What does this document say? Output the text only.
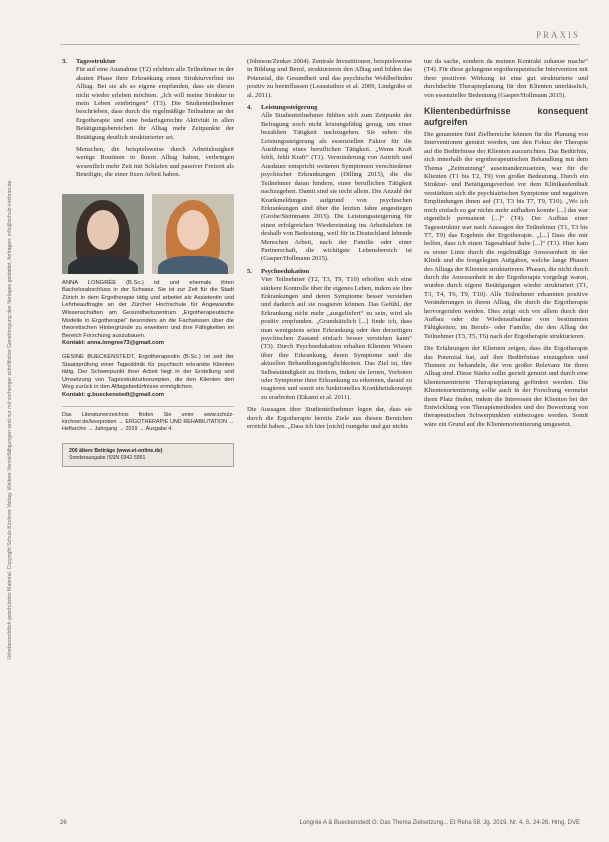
PRAXIS
Urheberrechtlich geschütztes Material. Copyright Schulz-Kirchner Verlag. Weitere Vervielfältigungen sind nur mit vorheriger schriftlicher Genehmigung des Verlages gestattet. Anfragen: info@schulz-kirchner.de
3.	Tagesstruktur

Für auf eine Ausnahme (T2) erlebten alle Teilnehmer in der akuten Phase ihrer Erkrankung einen Strukturverlust im Alltag. Bei sie als so eigene empfanden, dass sie diesen nicht wieder erleben möchten. „Ich will meine Struktur in mein Leben reinbringen“ (T3). Die Studienteilnehmer beschrieben, dass durch die regelmäßige Teilnahme an der Ergotherapie und eine bedarfsgerechte Aktivität in allen Betätigungsbereichen ihr Alltag mehr Zeitpunkte der Betätigung deutlich strukturierter sei.

Menschen, die beispielsweise durch Arbeitslosigkeit wenige Routinen in ihrem Alltag haben, verbringen wesentlich mehr Zeit mit Schlafen und passiver Freizeit als Beteiligte, die einer fixen Arbeit haben.

ANNA LONGRÉE (B.Sc.) ist und ehemals ihren Bachelorabschluss in der Schweiz. Sie ist zur Zeit für die Stadt Zürich in dem Ergotherapie tätig und arbeitet als Assistentin und Lehrbeauftragte an der Zürcher Hochschule für Angewandte Wissenschaften am Gesundheitszentrum „Ergotherapeutische Modelle in Ergotherapie“ besonders an die Fachwissen über die theoretischen Hintergründe zu erweitern und ihre Fähigkeiten im Bereich Forschung auszubauen.
Kontakt: anna.longree73@gmail.com
GESINE BUECKENSTEDT, Ergotherapeutin (B.Sc.) ist seit der Staatsprüfung einer Tagesklinik für psychisch erkrankte Klienten tätig. Der Schwerpunkt ihrer Arbeit liegt in der Erstellung und Umsetzung von Tagesstrukturkonzepten, die den Klienten den Weg zurück in den Alltagsbedürfnisse ermöglichen.
Kontakt: g.bueckenstedt@gmail.com
Das Literaturverzeichnis finden Sie unter www.schulz-kirchner.de/leseproben → ERGOTHERAPIE UND REHABILITATION → Heftarchiv → Jahrgang → 2019 → Ausgabe 4.
200 ältere Beiträge (www.et-online.de)
Sonderausgabe ISSN 0342-5991

(Johnson/Zenker 2004). Zentrale Investitionen, beispielsweise in Bildung und Beruf, strukturieren den Alltag und bilden das Potenzial, die Gesundheit und das psychische Wohlbefinden positiv zu beeinflussen (Leaustathoz et al. 2009, Lindgräbe et al. 2011).

4.	Leistungssteigerung

Alle Studienteilnehmer fühlten sich zum Zeitpunkt der Befragung noch nicht leistungsfähig genug, um einer bezahlten Tätigkeit nachzugehen. Sie sehen die Leistungssteigerung als essenziellen Faktor für die Ausübung eines beruflichen Tätigkeit. „Wenn Kraft fehlt, fehlt Kraft“ (T1). Verminderung von Antrieb und Ausdauer entspricht weiteren Symptomen verschiedener psychischer Erkrankungen (Dilling 2015), die die Teilnehmer daran hindern, einer beruflichen Tätigkeit nachzugehen. Damit sind sie nicht allein. Die Anzahl der Krankmeldungen aufgrund von psychischen Erkrankungen sind über die letzten Jahre angestiegen (Grobe/Steinmann 2015). Die Leistungssteigerung für einen erfolgreichen Wiedereinstieg ins Arbeitsleben ist deshalb von Bedeutung, weil für in Deutschland lebende Menschen Arbeit, nach der Familie oder einer Partnerschaft, die wichtigste Lebensbereich ist (Gasper/Hollmann 2015).

5.	Psychoedukation

Vier Teilnehmer (T2, T3, T9, T10) erhoffen sich eine stärkere Kontrolle über ihr eigenes Leben, indem sie ihre Erkrankungen und deren Symptome besser verstehen und dadurch auf sie reagieren können. Das Gefühl, der Erkrankung nicht mehr „ausgeliefert“ zu sein, wird als positiv empfunden. „Grundsätzlich [...] finde ich, dass man wenigstens seine Erkrankung oder den derzeitigen psychischen Zustand einfach besser verstehen kann“ (T3). Durch Psychoedukation erhalten Klienten Wissen über ihre Erkrankung, deren Symptome und die aktuellen Behandlungsmöglichkeiten. Das Ziel ist, ihre Selbstständigkeit zu fördern, indem sie lernen, Vorboten oder Symptome ihrer Erkrankung zu erkennen, darauf zu reagieren und somit ein funktionelles Krankheitskonzept zu erarbeiten (Eikami et al. 2011).

Die Aussagen über Studienteilnehmer legen dar, dass sie durch die Ergotherapie bereits Ziele aus diesen Bereichen erreicht haben. „Dass ich hier [nicht] rumgehe und gar nichts

tue da sache, sondern da meinen Kontrakt zuhause mache“ (T4). Für diese gelungene ergotherapeutische Intervention mit ihrer positiven Wirkung ist eine gut strukturierte und durchdachte Therapieplanung für den Klienten unerlässlich, von essenzieller Bedeutung (Gasper/Hollmann 2015).

Klientenbedürfnisse konsequent aufgreifen

Die genannten fünf Zielbereiche können für die Planung von Interventionen genutzt werden, um den Fokus der Therapie auf die Bedürfnisse der Klienten auszurichten. Das Bedürfnis, sich innerhalb der ergotherapeutischen Behandlung mit dem Thema „Zeitnutzung“ auseinanderzusetzen, war für die Klienten (T1 bis T2, T9) von großer Bedeutung. Durch ein Struktur- und Betätigungsverlust vor dem Klinikaufenthalt verstärkten sich die psychiatrischen Symptome und negativen Empfindungen ihnen auf (T1, T3 bis T7, T9, T10). „Wo ich mich einfach so gar nichts mehr aufhalten konnte [...] das war eigentlich permanent [...]“ (T4). Der Aufbau einer Tagesstruktur war nach Aussagen der Teilnehmer (T1, T3 bis T7, T9) das Ergebnis der Ergotherapie. „[...] Dass die mir helfen, dass ich einen Tagesablauf habe [...]“ (T1). Hier kam es erster Linie durch die regelmäßige Anwesenheit in der Klinik und die festgelegten Aufgaben, welche lange Phasen des Alltags der Klienten strukturieren. Phasen, die nicht durch durch die Anwesenheit in der Ergotherapie vorgelegt waren, wurden durch eigene Betätigungen wieder strukturiert (T1, T3, T4, T6, T9, T10). Alle Teilnehmer erkannten positive Veränderungen in ihrem Alltag, die durch die Ergotherapie hervorgerufen werden. Dies zeigt sich vor allem durch den Aufbau oder die Wiederaufnahme von bestimmten Fähigkeiten, im Berufs- oder Familie, die den Alltag der Teilnehmer (T3, T5, T6) nach der Ergotherapie strukturieren.

Die Erfahrungen der Klienten zeigen, dass die Ergotherapie das Potenzial hat, auf ihre Bedürfnisse einzugehen und Themen zu behandeln, die von großer Relevanz für ihren Alltag sind. Diese Stärke sollte gezielt genutzt und durch eine klientenzentrierte Therapieplanung gefördert werden. Die Klientenorientierung sollte auch in der Forschung vermehrt ihren Platz finden, indem die Interessen der Klienten bei der Entwicklung von Therapiemethoden und der Bewertung von therapeutischen Schwerpunkten einbezogen werden. Somit wäre ein Grund auf die Klientenorientierung umgesetzt.

26	Longrée A & Bueckenstedt G: Das Thema Zielsetzung... Et Reha 58. Jg. 2019, Nr. 4, S. 24-26, Hmg. DVE
